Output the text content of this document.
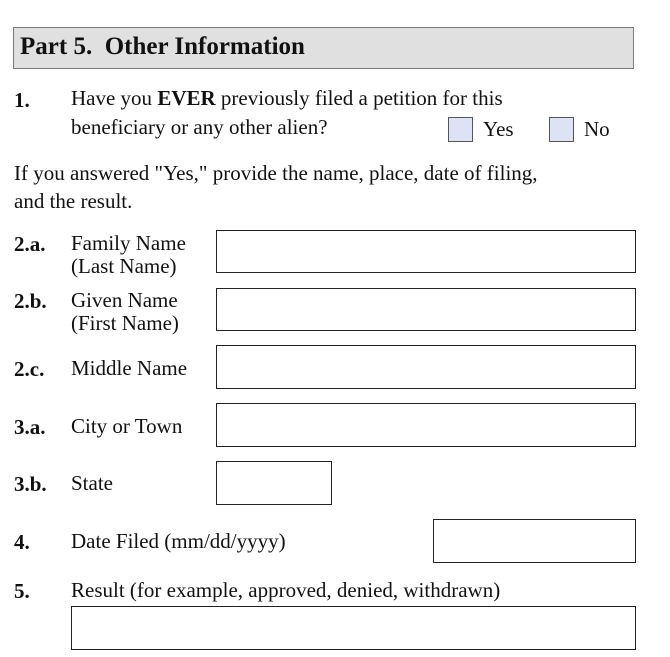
Part 5.  Other Information
1. Have you EVER previously filed a petition for this
beneficiary or any other alien?	Yes	No
If you answered "Yes," provide the name, place, date of filing,
and the result.
2.a. Family Name
(Last Name)
2.b. Given Name
(First Name)
2.c. Middle Name
3.a. City or Town
3.b. State
4. Date Filed (mm/dd/yyyy)
5. Result (for example, approved, denied, withdrawn)
